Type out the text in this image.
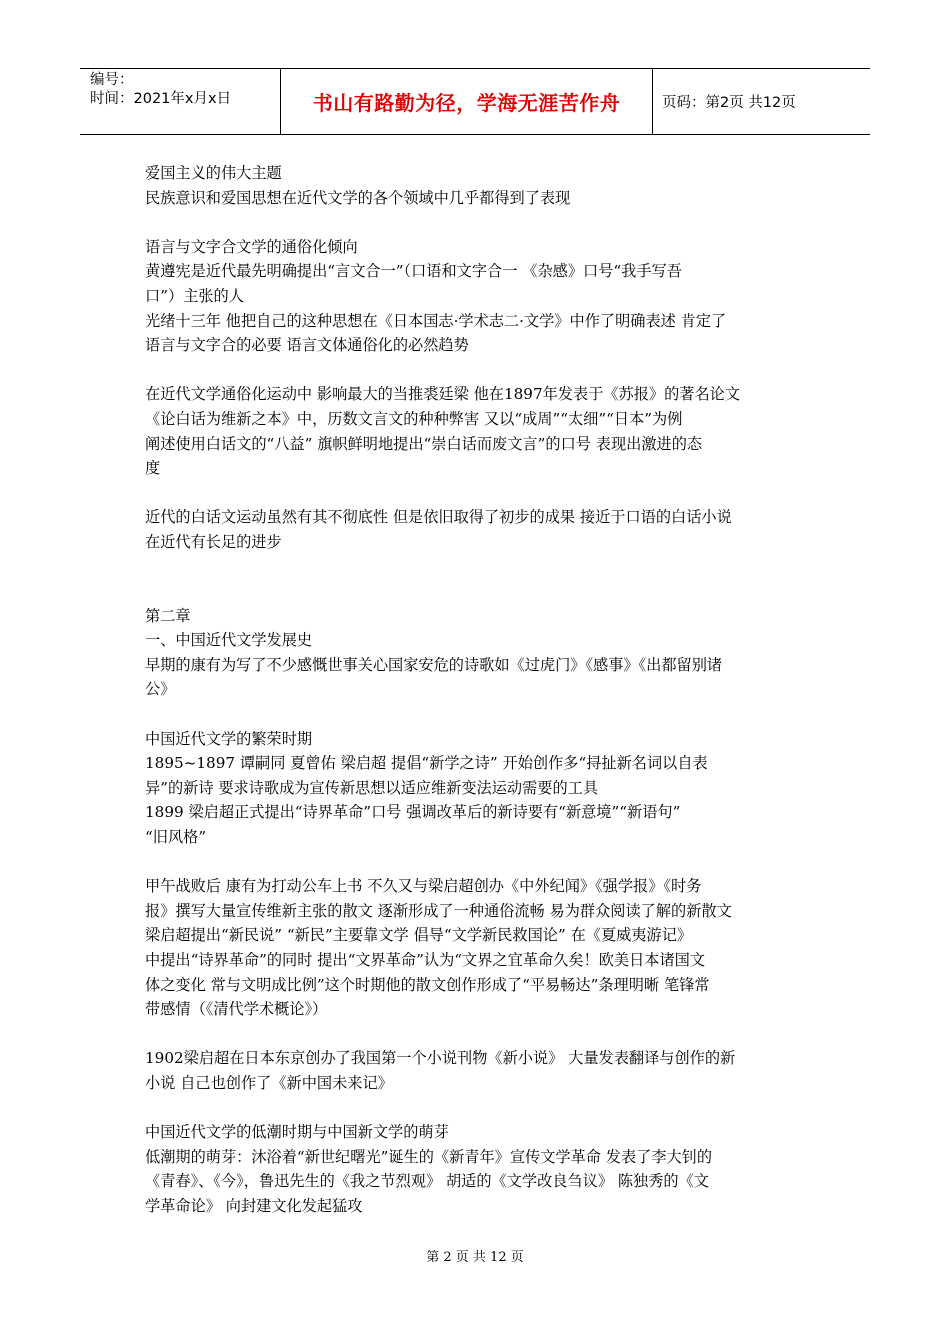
编号：
时间：2021年x月x日	书山有路勤为径，学海无涯苦作舟	页码：第2页 共12页

爱国主义的伟大主题

民族意识和爱国思想在近代文学的各个领域中几乎都得到了表现

语言与文字合文学的通俗化倾向

黄遵宪是近代最先明确提出“言文合一”（口语和文字合一 《杂感》口号“我手写吾

口”）主张的人

光绪十三年 他把自己的这种思想在《日本国志·学术志二·文学》中作了明确表述 肯定了

语言与文字合的必要 语言文体通俗化的必然趋势

在近代文学通俗化运动中 影响最大的当推裘廷梁 他在1897年发表于《苏报》的著名论文

《论白话为维新之本》中，历数文言文的种种弊害 又以“成周”“太细”“日本”为例

阐述使用白话文的“八益” 旗帜鲜明地提出“崇白话而废文言”的口号 表现出激进的态

度

近代的白话文运动虽然有其不彻底性 但是依旧取得了初步的成果 接近于口语的白话小说

在近代有长足的进步

第二章

一、中国近代文学发展史

早期的康有为写了不少感慨世事关心国家安危的诗歌如《过虎门》《感事》《出都留别诸

公》

中国近代文学的繁荣时期

1895~1897 谭嗣同 夏曾佑 梁启超 提倡“新学之诗” 开始创作多“挦扯新名词以自表

异”的新诗 要求诗歌成为宣传新思想以适应维新变法运动需要的工具

1899 梁启超正式提出“诗界革命”口号 强调改革后的新诗要有“新意境”“新语句”

“旧风格”

甲午战败后 康有为打动公车上书 不久又与梁启超创办《中外纪闻》《强学报》《时务

报》撰写大量宣传维新主张的散文 逐渐形成了一种通俗流畅 易为群众阅读了解的新散文

梁启超提出“新民说” “新民”主要靠文学 倡导“文学新民救国论” 在《夏威夷游记》

中提出“诗界革命”的同时 提出“文界革命”认为“文界之宜革命久矣！欧美日本诸国文

体之变化 常与文明成比例”这个时期他的散文创作形成了“平易畅达”条理明晰 笔锋常

带感情（《清代学术概论》）

1902梁启超在日本东京创办了我国第一个小说刊物《新小说》 大量发表翻译与创作的新

小说 自己也创作了《新中国未来记》

中国近代文学的低潮时期与中国新文学的萌芽

低潮期的萌芽：沐浴着“新世纪曙光”诞生的《新青年》宣传文学革命 发表了李大钊的

《青春》、《今》，鲁迅先生的《我之节烈观》 胡适的《文学改良刍议》 陈独秀的《文

学革命论》 向封建文化发起猛攻

第 2 页 共 12 页
